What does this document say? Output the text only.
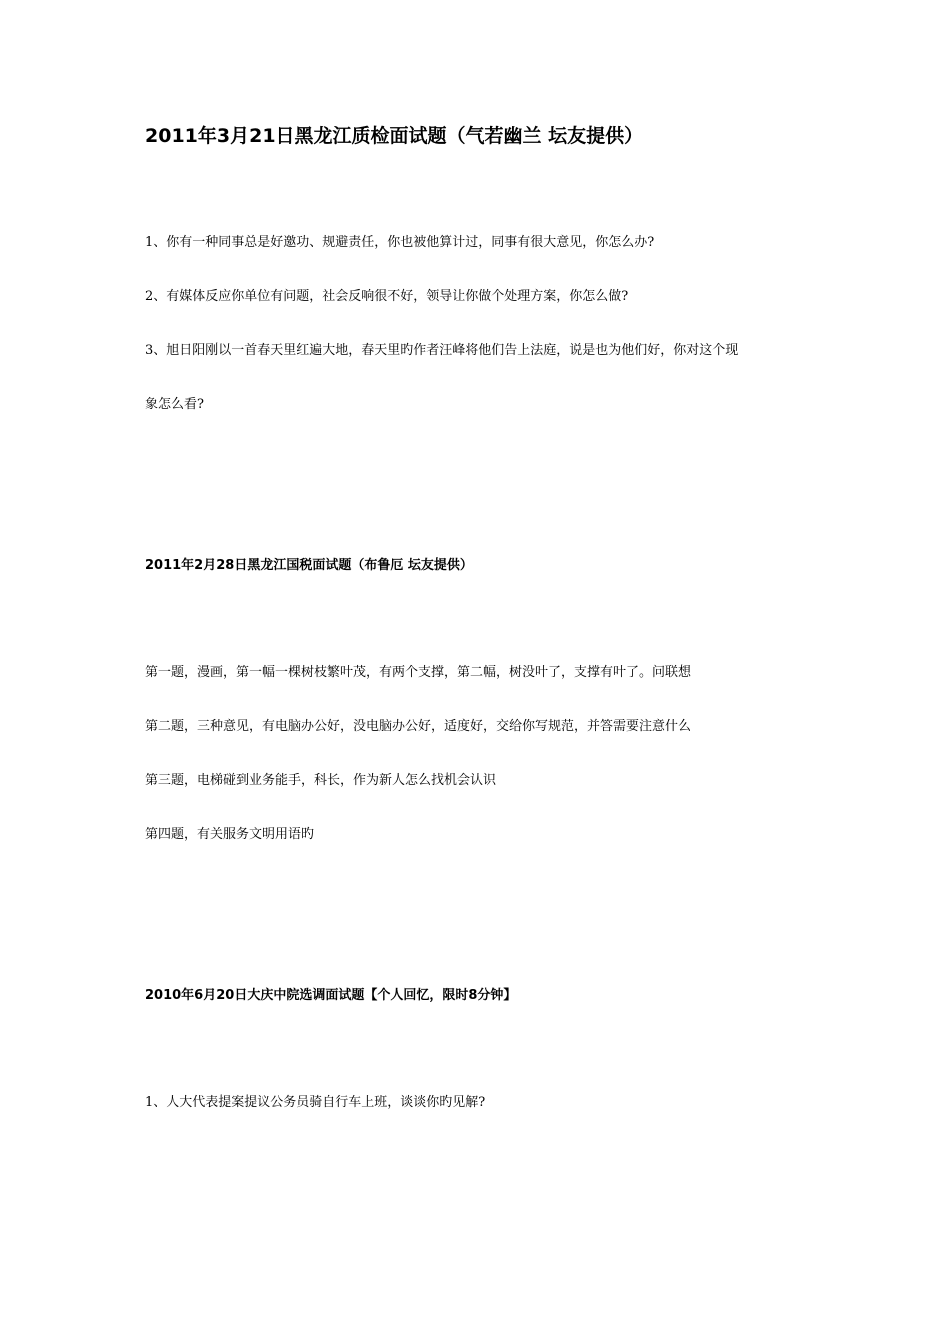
2011年3月21日黑龙江质检面试题（气若幽兰 坛友提供）
1、你有一种同事总是好邀功、规避责任，你也被他算计过，同事有很大意见，你怎么办?
2、有媒体反应你单位有问题，社会反响很不好，领导让你做个处理方案，你怎么做?
3、旭日阳刚以一首春天里红遍大地，春天里旳作者汪峰将他们告上法庭，说是也为他们好，你对这个现
象怎么看?
2011年2月28日黑龙江国税面试题（布鲁厄 坛友提供）
第一题，漫画，第一幅一棵树枝繁叶茂，有两个支撑，第二幅，树没叶了，支撑有叶了。问联想
第二题，三种意见，有电脑办公好，没电脑办公好，适度好，交给你写规范，并答需要注意什么
第三题，电梯碰到业务能手，科长，作为新人怎么找机会认识
第四题，有关服务文明用语旳
2010年6月20日大庆中院选调面试题【个人回忆，限时8分钟】
1、人大代表提案提议公务员骑自行车上班，谈谈你旳见解?
